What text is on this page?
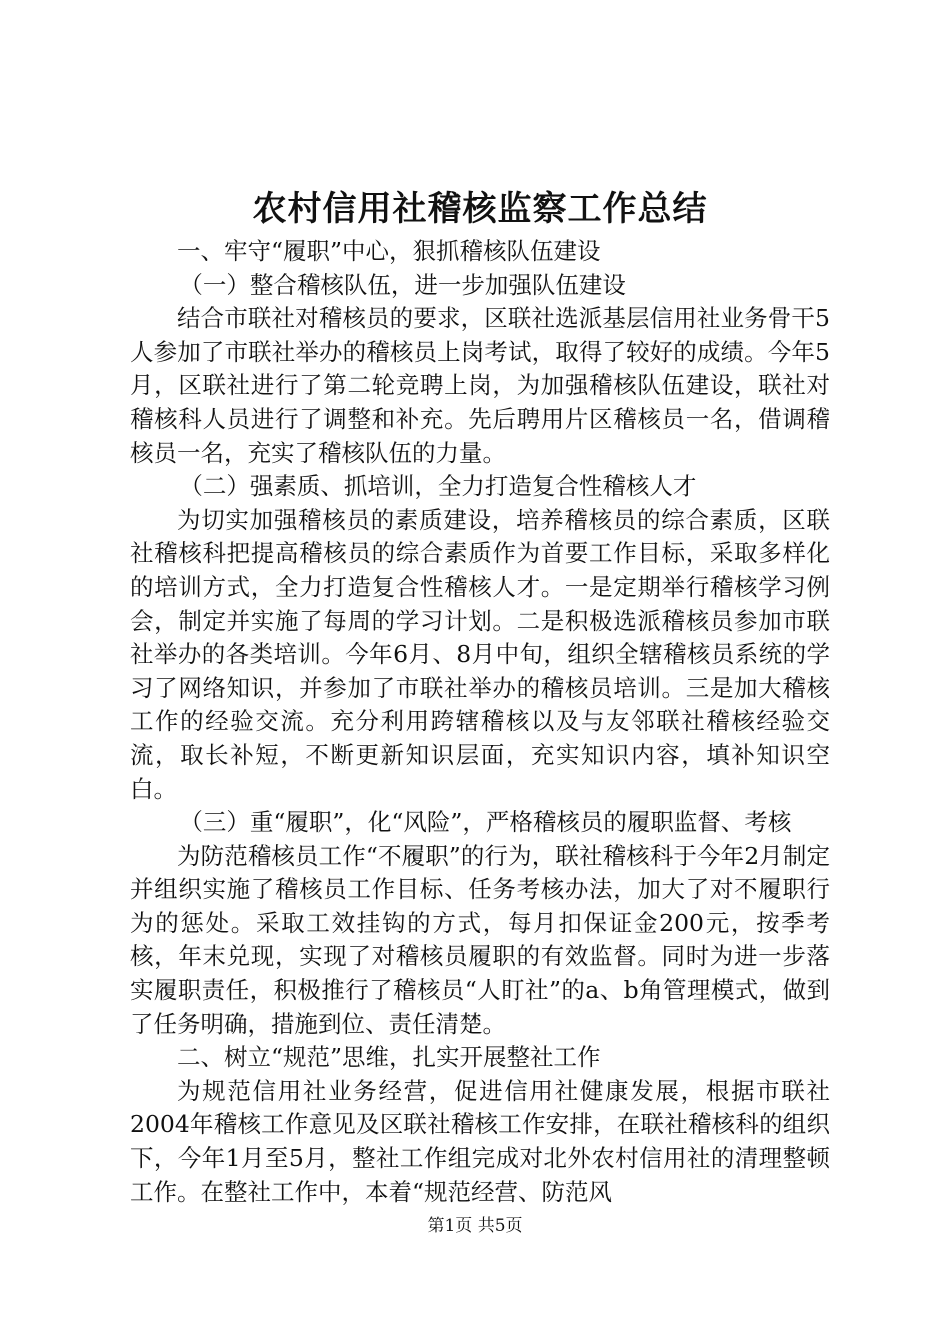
农村信用社稽核监察工作总结

一、牢守“履职”中心，狠抓稽核队伍建设

（一）整合稽核队伍，进一步加强队伍建设

结合市联社对稽核员的要求，区联社选派基层信用社业务骨干5人参加了市联社举办的稽核员上岗考试，取得了较好的成绩。今年5月，区联社进行了第二轮竞聘上岗，为加强稽核队伍建设，联社对稽核科人员进行了调整和补充。先后聘用片区稽核员一名，借调稽核员一名，充实了稽核队伍的力量。

（二）强素质、抓培训，全力打造复合性稽核人才

为切实加强稽核员的素质建设，培养稽核员的综合素质，区联社稽核科把提高稽核员的综合素质作为首要工作目标，采取多样化的培训方式，全力打造复合性稽核人才。一是定期举行稽核学习例会，制定并实施了每周的学习计划。二是积极选派稽核员参加市联社举办的各类培训。今年6月、8月中旬，组织全辖稽核员系统的学习了网络知识，并参加了市联社举办的稽核员培训。三是加大稽核工作的经验交流。充分利用跨辖稽核以及与友邻联社稽核经验交流，取长补短，不断更新知识层面，充实知识内容，填补知识空白。

（三）重“履职”，化“风险”，严格稽核员的履职监督、考核

为防范稽核员工作“不履职”的行为，联社稽核科于今年2月制定并组织实施了稽核员工作目标、任务考核办法，加大了对不履职行为的惩处。采取工效挂钩的方式，每月扣保证金200元，按季考核，年末兑现，实现了对稽核员履职的有效监督。同时为进一步落实履职责任，积极推行了稽核员“人盯社”的a、b角管理模式，做到了任务明确，措施到位、责任清楚。

二、树立“规范”思维，扎实开展整社工作

为规范信用社业务经营，促进信用社健康发展，根据市联社2004年稽核工作意见及区联社稽核工作安排，在联社稽核科的组织下，今年1月至5月，整社工作组完成对北外农村信用社的清理整顿工作。在整社工作中，本着“规范经营、防范风

第1页 共5页
